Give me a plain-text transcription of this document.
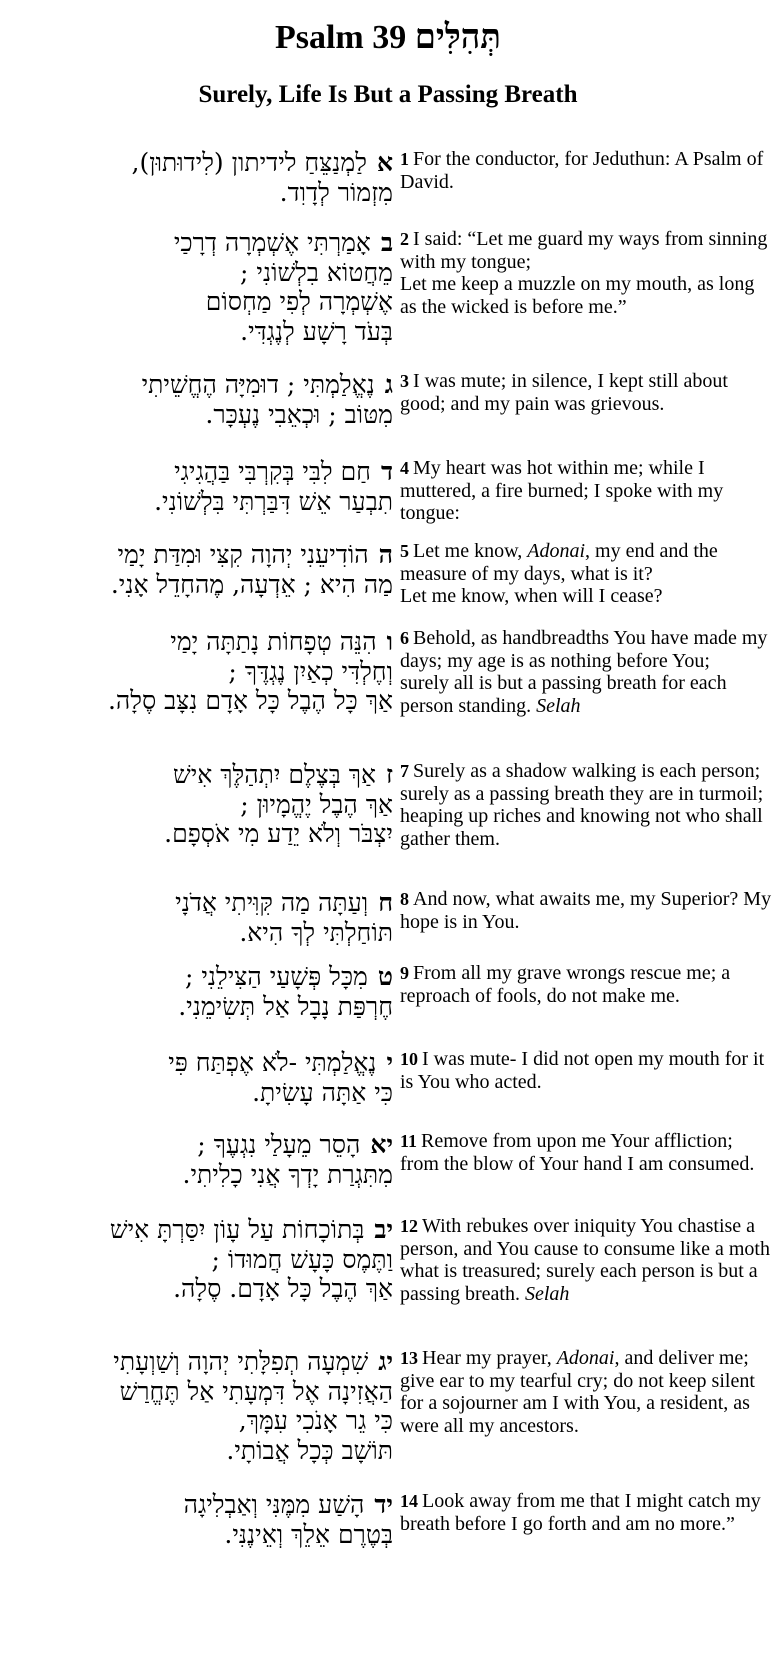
Psalm 39 תְּהִלִּים
Surely, Life Is But a Passing Breath
אלַמְנַצֵּחַ לידיתון (לִידוּתוּן),
מִזְמוֹר לְדָוִד.
1 For the conductor, for Jeduthun: A Psalm of David.
באָמַרְתִּי אֶשְׁמְרָה דְרָכַי
מֵחֲטוֹא בִלְשׁוֹנִי ;
אֶשְׁמְרָה לְפִי מַחְסוֹם
בְּעֹד רָשָׁע לְנֶגְדִּי.
2 I said: “Let me guard my ways from sinning with my tongue;
Let me keep a muzzle on my mouth, as long as the wicked is before me.”
גנֶאֱלַמְתִּי ; דוּמִיָּה הֶחֱשֵׁיתִי
מִטּוֹב ; וּכְאֵבִי נֶעְכָּר.
3 I was mute; in silence, I kept still about good; and my pain was grievous.
דחַם לִבִּי בְּקִרְבִּי בַּהֲגִיגִי
תִבְעַר אֵשׁ דִּבַּרְתִּי בִּלְשׁוֹנִי.
4 My heart was hot within me; while I muttered, a fire burned; I spoke with my tongue:
ההוֹדִיעֵנִי יְהוָה קִצִּי וּמִדַּת יָמַי
מַה הִיא ; אֵדְעָה, מֶהחָדֵל אָנִי.
5 Let me know, Adonai, my end and the measure of my days, what is it?
Let me know, when will I cease?
והִנֵּה טְפָחוֹת נָתַתָּה יָמַי
וְחֶלְדִּי כְאַיִן נֶגְדֶּךָ ;
אַךְ כָּל הֶבֶל כָּל אָדָם נִצָּב סֶלָה.
6 Behold, as handbreadths You have made my days; my age is as nothing before You;
surely all is but a passing breath for each person standing. Selah
זאַךְ בְּצֶלֶם יִתְהַלֶּךְ אִישׁ
אַךְ הֶבֶל יֶהֱמָיוּן ;
יִצְבֹּר וְלֹא יֵדַע מִי אֹסְפָם.
7 Surely as a shadow walking is each person; surely as a passing breath they are in turmoil; heaping up riches and knowing not who shall gather them.
חוְעַתָּה מַה קִּוִּיתִי אֲדֹנָי
תּוֹחַלְתִּי לְךָ הִיא.
8 And now, what awaits me, my Superior? My hope is in You.
טמִכָּל פְּשָׁעַי הַצִּילֵנִי ;
חֶרְפַּת נָבָל אַל תְּשִׂימֵנִי.
9 From all my grave wrongs rescue me; a reproach of fools, do not make me.
ינֶאֱלַמְתִּי -לֹא אֶפְתַּח פִּי
כִּי אַתָּה עָשִׂיתָ.
10 I was mute- I did not open my mouth for it is You who acted.
יאהָסֵר מֵעָלַי נִגְעֶךָ ;
מִתִּגְרַת יָדְךָ אֲנִי כָלִיתִי.
11 Remove from upon me Your affliction; from the blow of Your hand I am consumed.
יבבְּתוֹכָחוֹת עַל עָוֹן יִסַּרְתָּ אִישׁ
וַתֶּמֶס כָּעָשׁ חֲמוּדוֹ ;
אַךְ הֶבֶל כָּל אָדָם. סֶלָה.
12 With rebukes over iniquity You chastise a person, and You cause to consume like a moth what is treasured; surely each person is but a passing breath. Selah
יגשִׁמְעָה תְפִלָּתִי יְהוָה וְשַׁוְעָתִי
הַאֲזִינָה אֶל דִּמְעָתִי אַל תֶּחֱרַשׁ
כִּי גֵר אָנֹכִי עִמָּךְ,
תּוֹשָׁב כְּכָל אֲבוֹתָי.
13 Hear my prayer, Adonai, and deliver me; give ear to my tearful cry; do not keep silent
for a sojourner am I with You, a resident, as were all my ancestors.
ידהָשַׁע מִמֶּנִּי וְאַבְלִיגָה
בְּטֶרֶם אֵלֵךְ וְאֵינֶנִּי.
14 Look away from me that I might catch my breath before I go forth and am no more.”
